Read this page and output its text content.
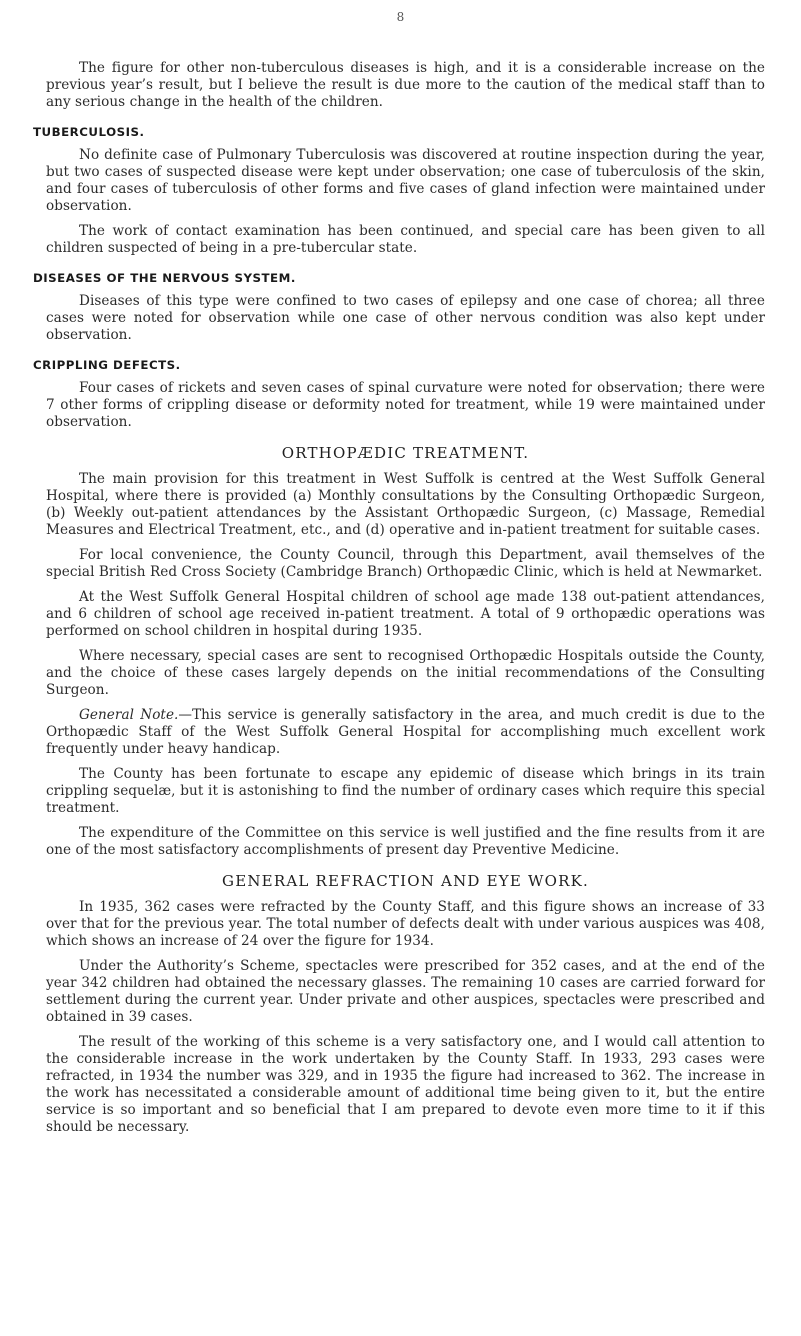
8

The figure for other non-tuberculous diseases is high, and it is a considerable increase on the previous year’s result, but I believe the result is due more to the caution of the medical staff than to any serious change in the health of the children.

TUBERCULOSIS.

No definite case of Pulmonary Tuberculosis was discovered at routine inspection during the year, but two cases of suspected disease were kept under observation; one case of tuberculosis of the skin, and four cases of tuberculosis of other forms and five cases of gland infection were maintained under observation.

The work of contact examination has been continued, and special care has been given to all children suspected of being in a pre-tubercular state.

DISEASES OF THE NERVOUS SYSTEM.

Diseases of this type were confined to two cases of epilepsy and one case of chorea; all three cases were noted for observation while one case of other nervous condition was also kept under observation.

CRIPPLING DEFECTS.

Four cases of rickets and seven cases of spinal curvature were noted for observation; there were 7 other forms of crippling disease or deformity noted for treatment, while 19 were maintained under observation.

ORTHOPÆDIC TREATMENT.

The main provision for this treatment in West Suffolk is centred at the West Suffolk General Hospital, where there is provided (a) Monthly consultations by the Consulting Orthopædic Surgeon, (b) Weekly out-patient attendances by the Assistant Orthopædic Surgeon, (c) Massage, Remedial Measures and Electrical Treatment, etc., and (d) operative and in-patient treatment for suitable cases.

For local convenience, the County Council, through this Department, avail themselves of the special British Red Cross Society (Cambridge Branch) Orthopædic Clinic, which is held at Newmarket.

At the West Suffolk General Hospital children of school age made 138 out-patient attendances, and 6 children of school age received in-patient treatment. A total of 9 orthopædic operations was performed on school children in hospital during 1935.

Where necessary, special cases are sent to recognised Orthopædic Hospitals outside the County, and the choice of these cases largely depends on the initial recommendations of the Consulting Surgeon.

General Note.—This service is generally satisfactory in the area, and much credit is due to the Orthopædic Staff of the West Suffolk General Hospital for accomplishing much excellent work frequently under heavy handicap.

The County has been fortunate to escape any epidemic of disease which brings in its train crippling sequelæ, but it is astonishing to find the number of ordinary cases which require this special treatment.

The expenditure of the Committee on this service is well justified and the fine results from it are one of the most satisfactory accomplishments of present day Preventive Medicine.

GENERAL REFRACTION AND EYE WORK.

In 1935, 362 cases were refracted by the County Staff, and this figure shows an increase of 33 over that for the previous year. The total number of defects dealt with under various auspices was 408, which shows an increase of 24 over the figure for 1934.

Under the Authority’s Scheme, spectacles were prescribed for 352 cases, and at the end of the year 342 children had obtained the necessary glasses. The remaining 10 cases are carried forward for settlement during the current year. Under private and other auspices, spectacles were prescribed and obtained in 39 cases.

The result of the working of this scheme is a very satisfactory one, and I would call attention to the considerable increase in the work undertaken by the County Staff. In 1933, 293 cases were refracted, in 1934 the number was 329, and in 1935 the figure had increased to 362. The increase in the work has necessitated a considerable amount of additional time being given to it, but the entire service is so important and so beneficial that I am prepared to devote even more time to it if this should be necessary.
